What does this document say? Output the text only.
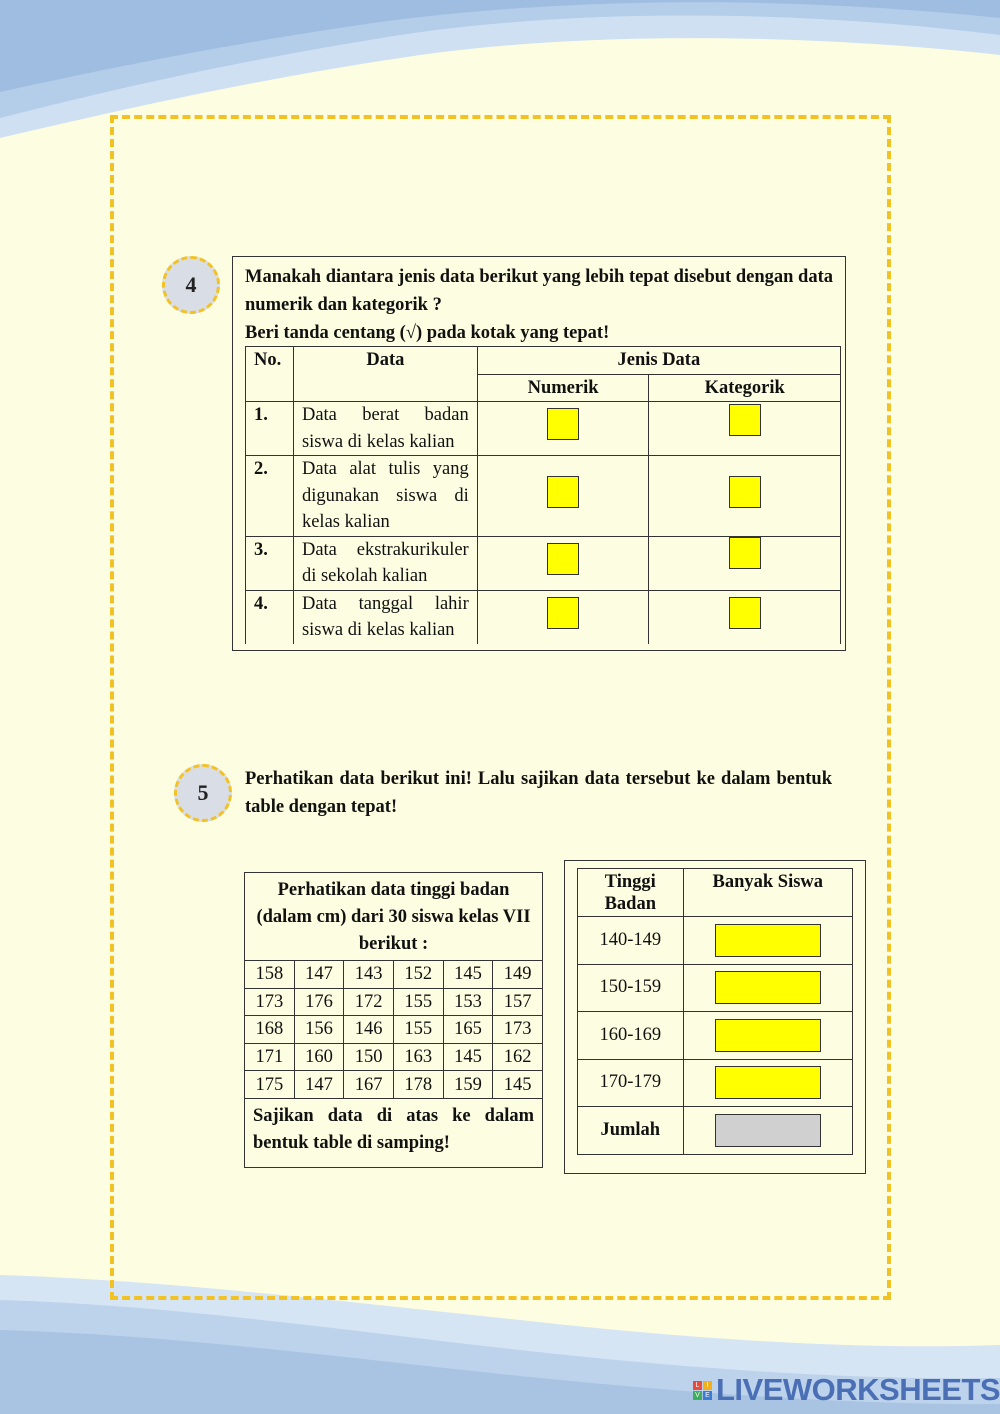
4	Manakah diantara jenis data berikut yang lebih tepat disebut dengan data numerik dan kategorik ?
Beri tanda centang (√) pada kotak yang tepat!
No.	Data	Jenis Data	
		Numerik	Kategorik
1.	Data berat badan siswa di kelas kalian		
2.	Data alat tulis yang digunakan siswa di kelas kalian		
3.	Data ekstrakurikuler di sekolah kalian		
4.	Data tanggal lahir siswa di kelas kalian		
5
Perhatikan data berikut ini! Lalu sajikan data tersebut ke dalam bentuk table dengan tepat!
Perhatikan data tinggi badan (dalam cm) dari 30 siswa kelas VII berikut :					
158	147	143	152	145	149
173	176	172	155	153	157
168	156	146	155	165	173
171	160	150	163	145	162
175	147	167	178	159	145
Sajikan data di atas ke dalam bentuk table di samping!					
Tinggi Badan	Banyak Siswa
140-149	
150-159	
160-169	
170-179	
Jumlah	
L	I
V E LIVEWORKSHEETS
